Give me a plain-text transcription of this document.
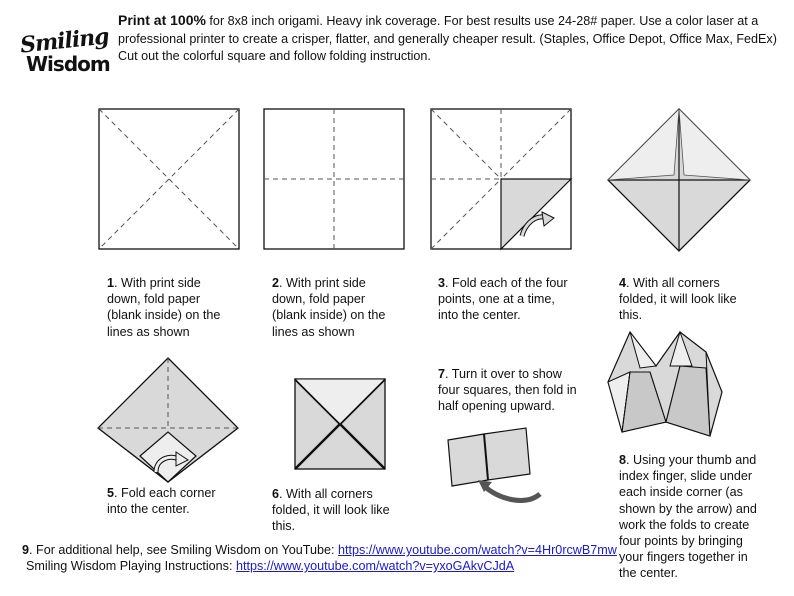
Smiling
Wisdom
Print at 100% for 8x8 inch origami. Heavy ink coverage. For best results use 24-28# paper. Use a color laser at a professional printer to create a crisper, flatter, and generally cheaper result. (Staples, Office Depot, Office Max, FedEx) Cut out the colorful square and follow folding instruction.
1. With print side down, fold paper (blank inside) on the lines as shown
2. With print side down, fold paper (blank inside) on the lines as shown
3. Fold each of the four points, one at a time, into the center.
4. With all corners folded, it will look like this.
5. Fold each corner into the center.
6. With all corners folded, it will look like this.
7. Turn it over to show four squares, then fold in half opening upward.
8. Using your thumb and index finger, slide under each inside corner (as shown by the arrow) and work the folds to create four points by bringing your fingers together in the center.
9. For additional help, see Smiling Wisdom on YouTube: https://www.youtube.com/watch?v=4Hr0rcwB7mw
Smiling Wisdom Playing Instructions: https://www.youtube.com/watch?v=yxoGAkvCJdA
